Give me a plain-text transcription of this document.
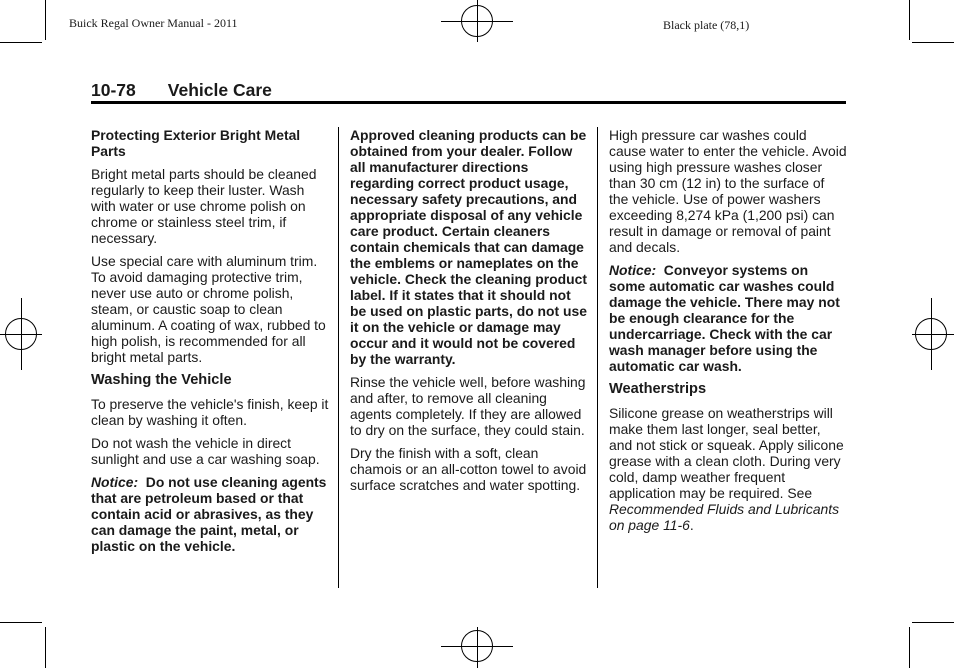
Buick Regal Owner Manual - 2011	Black plate (78,1)
10-78 Vehicle Care

Protecting Exterior Bright Metal Parts

Bright metal parts should be cleaned regularly to keep their luster. Wash with water or use chrome polish on chrome or stainless steel trim, if necessary.

Use special care with aluminum trim. To avoid damaging protective trim, never use auto or chrome polish, steam, or caustic soap to clean aluminum. A coating of wax, rubbed to high polish, is recommended for all bright metal parts.

Washing the Vehicle

To preserve the vehicle's finish, keep it clean by washing it often.

Do not wash the vehicle in direct sunlight and use a car washing soap.

Notice: Do not use cleaning agents that are petroleum based or that contain acid or abrasives, as they can damage the paint, metal, or plastic on the vehicle.

Approved cleaning products can be obtained from your dealer. Follow all manufacturer directions regarding correct product usage, necessary safety precautions, and appropriate disposal of any vehicle care product. Certain cleaners contain chemicals that can damage the emblems or nameplates on the vehicle. Check the cleaning product label. If it states that it should not be used on plastic parts, do not use it on the vehicle or damage may occur and it would not be covered by the warranty.

Rinse the vehicle well, before washing and after, to remove all cleaning agents completely. If they are allowed to dry on the surface, they could stain.

Dry the finish with a soft, clean chamois or an all-cotton towel to avoid surface scratches and water spotting.

High pressure car washes could cause water to enter the vehicle. Avoid using high pressure washes closer than 30 cm (12 in) to the surface of the vehicle. Use of power washers exceeding 8,274 kPa (1,200 psi) can result in damage or removal of paint and decals.

Notice: Conveyor systems on some automatic car washes could damage the vehicle. There may not be enough clearance for the undercarriage. Check with the car wash manager before using the automatic car wash.

Weatherstrips

Silicone grease on weatherstrips will make them last longer, seal better, and not stick or squeak. Apply silicone grease with a clean cloth. During very cold, damp weather frequent application may be required. See Recommended Fluids and Lubricants on page 11-6.
